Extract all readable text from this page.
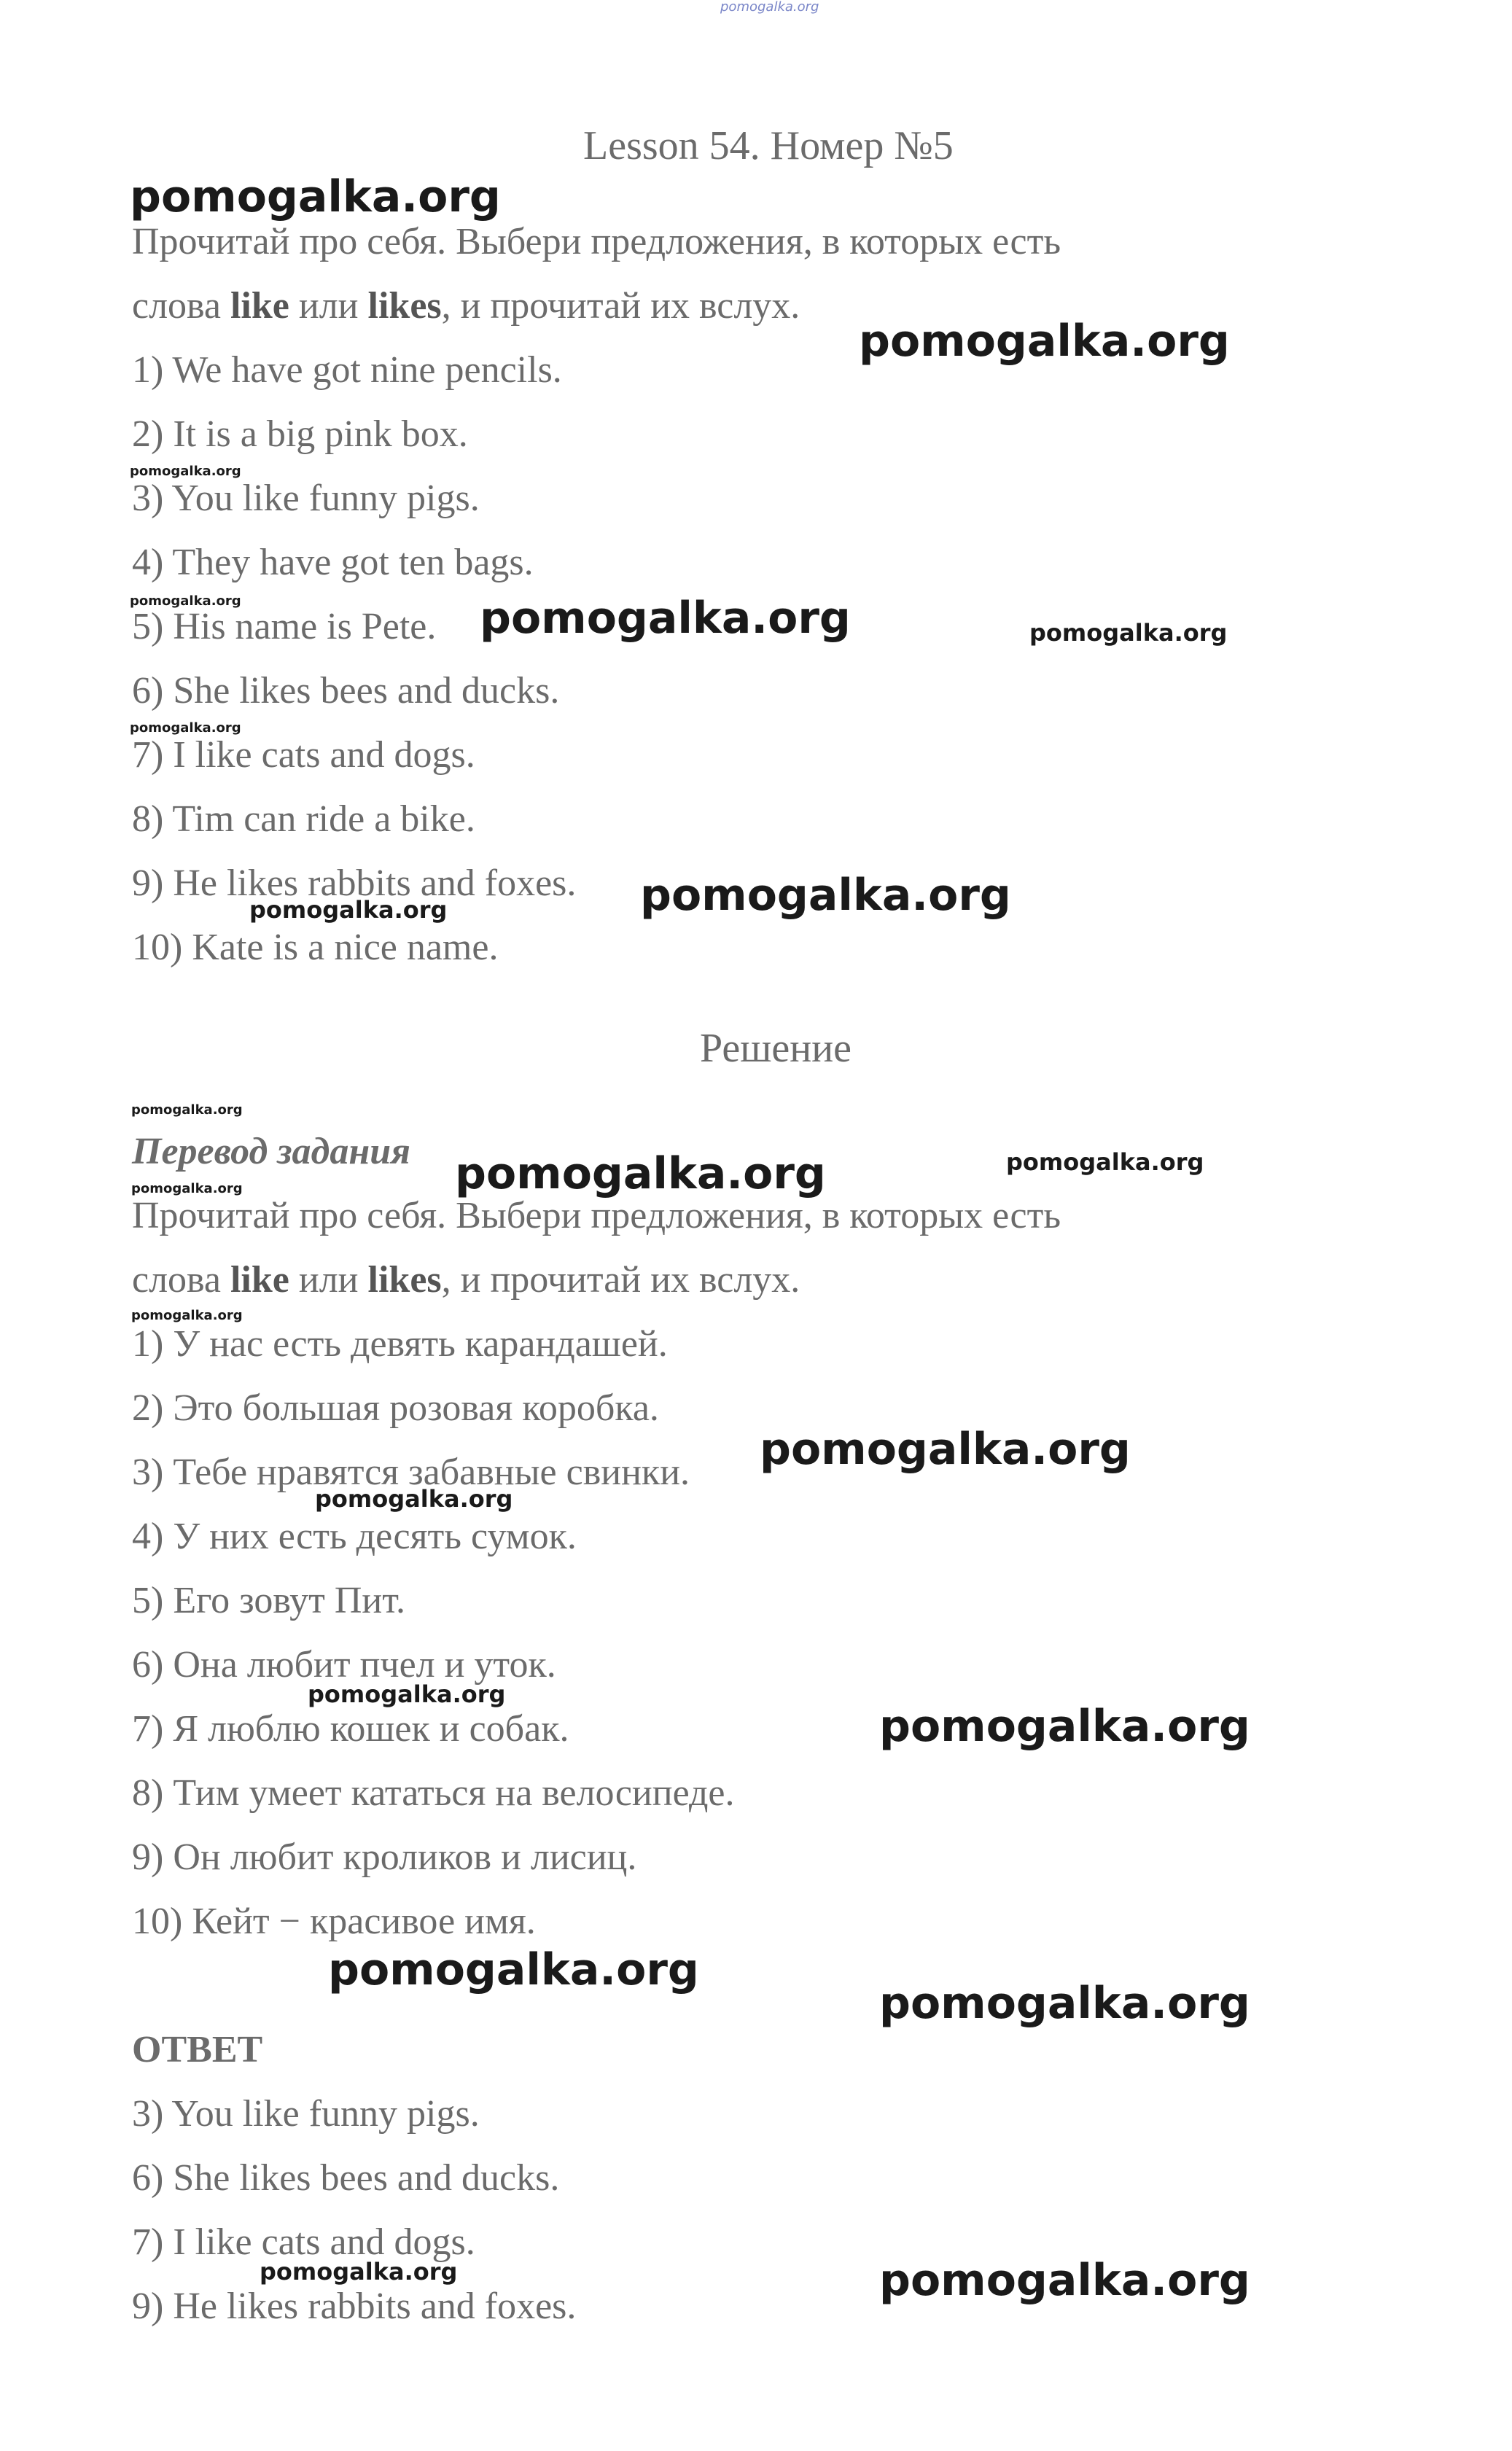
pomogalka.org
Lesson 54. Номер №5
Прочитай про себя. Выбери предложения, в которых есть
слова like или likes, и прочитай их вслух.
1) We have got nine pencils.
2) It is a big pink box.
3) You like funny pigs.
4) They have got ten bags.
5) His name is Pete.
6) She likes bees and ducks.
7) I like cats and dogs.
8) Tim can ride a bike.
9) He likes rabbits and foxes.
10) Kate is a nice name.
Решение
Перевод задания
Прочитай про себя. Выбери предложения, в которых есть
слова like или likes, и прочитай их вслух.
1) У нас есть девять карандашей.
2) Это большая розовая коробка.
3) Тебе нравятся забавные свинки.
4) У них есть десять сумок.
5) Его зовут Пит.
6) Она любит пчел и уток.
7) Я люблю кошек и собак.
8) Тим умеет кататься на велосипеде.
9) Он любит кроликов и лисиц.
10) Кейт − красивое имя.
ОТВЕТ
3) You like funny pigs.
6) She likes bees and ducks.
7) I like cats and dogs.
9) He likes rabbits and foxes.
pomogalka.org
pomogalka.org
pomogalka.org
pomogalka.org
pomogalka.org
pomogalka.org
pomogalka.org
pomogalka.org
pomogalka.org
pomogalka.org
pomogalka.org
pomogalka.org
pomogalka.org
pomogalka.org
pomogalka.org
pomogalka.org
pomogalka.org
pomogalka.org
pomogalka.org
pomogalka.org
pomogalka.org
pomogalka.org
